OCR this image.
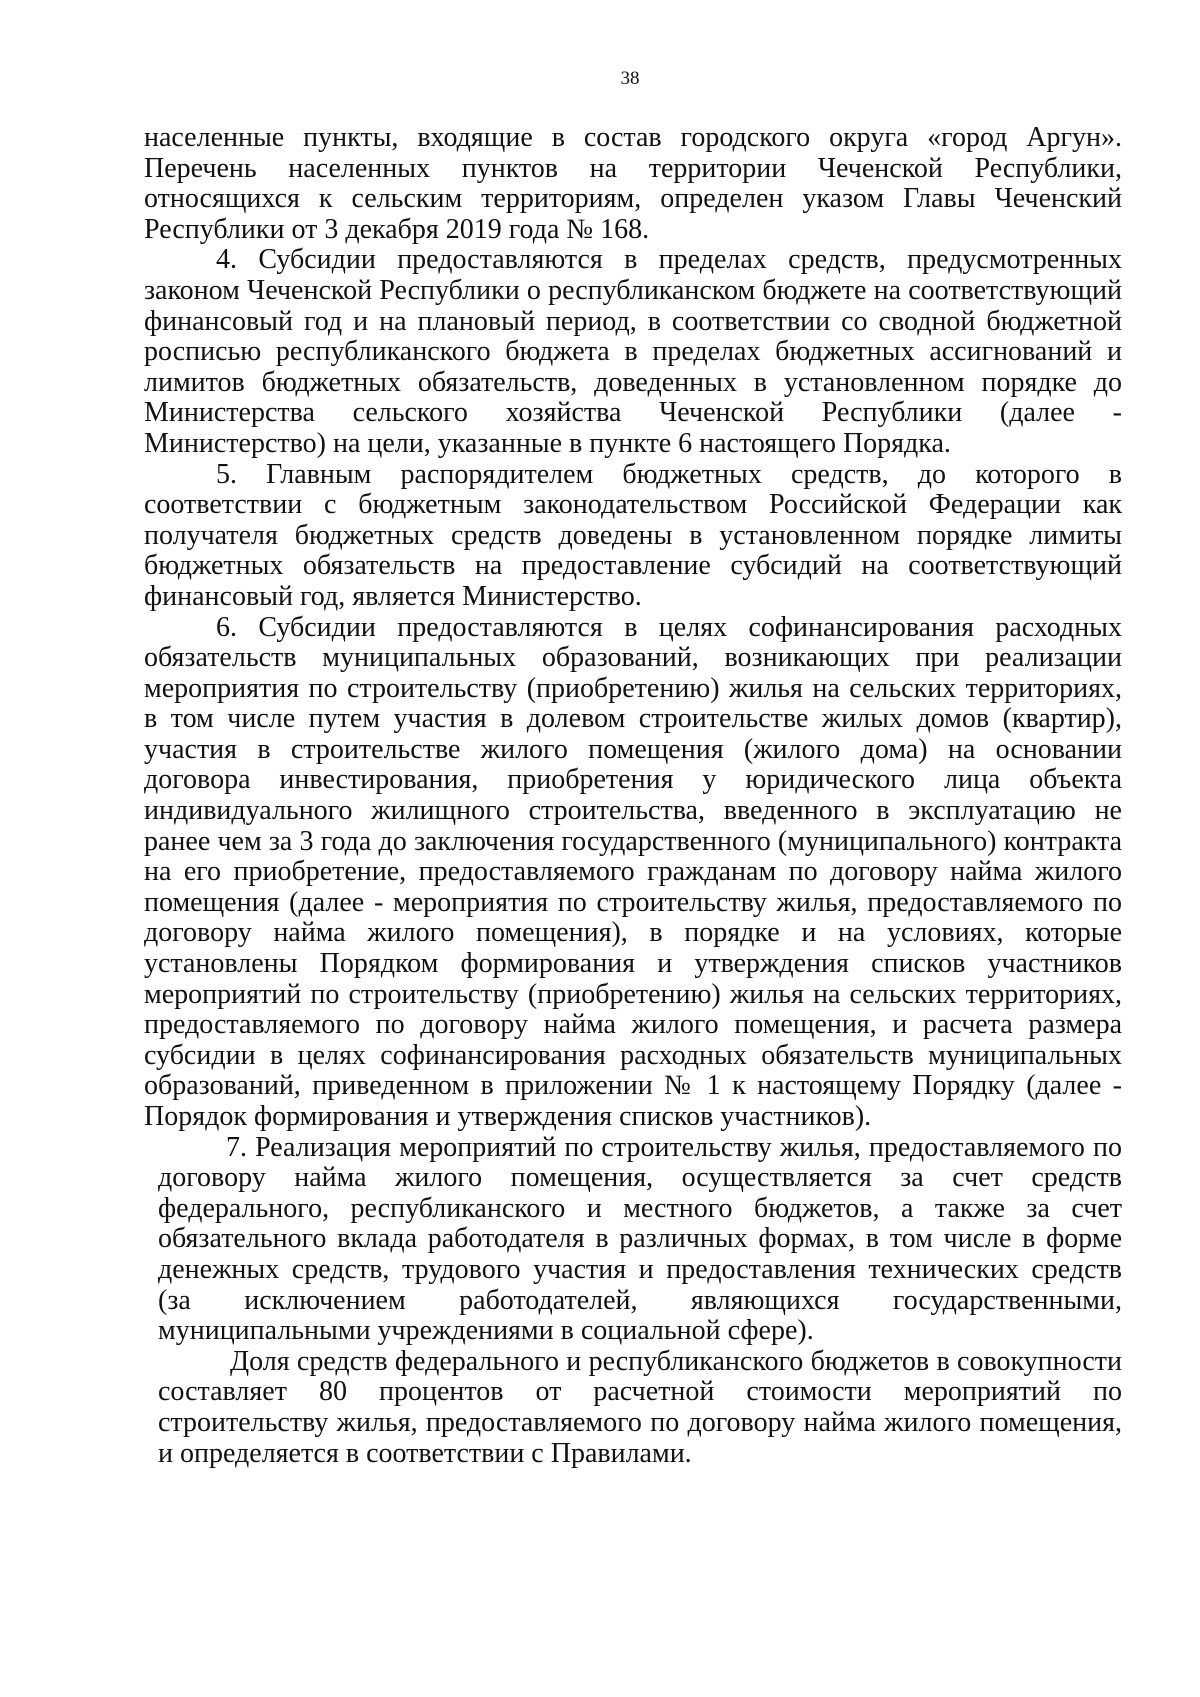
38

населенные пункты, входящие в состав городского округа «город Аргун». Перечень населенных пунктов на территории Чеченской Республики, относящихся к сельским территориям, определен указом Главы Чеченский Республики от 3 декабря 2019 года № 168.

4. Субсидии предоставляются в пределах средств, предусмотренных законом Чеченской Республики о республиканском бюджете на соответствующий финансовый год и на плановый период, в соответствии со сводной бюджетной росписью республиканского бюджета в пределах бюджетных ассигнований и лимитов бюджетных обязательств, доведенных в установленном порядке до Министерства сельского хозяйства Чеченской Республики (далее - Министерство) на цели, указанные в пункте 6 настоящего Порядка.

5. Главным распорядителем бюджетных средств, до которого в соответствии с бюджетным законодательством Российской Федерации как получателя бюджетных средств доведены в установленном порядке лимиты бюджетных обязательств на предоставление субсидий на соответствующий финансовый год, является Министерство.

6. Субсидии предоставляются в целях софинансирования расходных обязательств муниципальных образований, возникающих при реализации мероприятия по строительству (приобретению) жилья на сельских территориях, в том числе путем участия в долевом строительстве жилых домов (квартир), участия в строительстве жилого помещения (жилого дома) на основании договора инвестирования, приобретения у юридического лица объекта индивидуального жилищного строительства, введенного в эксплуатацию не ранее чем за 3 года до заключения государственного (муниципального) контракта на его приобретение, предоставляемого гражданам по договору найма жилого помещения (далее - мероприятия по строительству жилья, предоставляемого по договору найма жилого помещения), в порядке и на условиях, которые установлены Порядком формирования и утверждения списков участников мероприятий по строительству (приобретению) жилья на сельских территориях, предоставляемого по договору найма жилого помещения, и расчета размера субсидии в целях софинансирования расходных обязательств муниципальных образований, приведенном в приложении № 1 к настоящему Порядку (далее - Порядок формирования и утверждения списков участников).

7. Реализация мероприятий по строительству жилья, предоставляемого по договору найма жилого помещения, осуществляется за счет средств федерального, республиканского и местного бюджетов, а также за счет обязательного вклада работодателя в различных формах, в том числе в форме денежных средств, трудового участия и предоставления технических средств (за исключением работодателей, являющихся государственными, муниципальными учреждениями в социальной сфере).

Доля средств федерального и республиканского бюджетов в совокупности составляет 80 процентов от расчетной стоимости мероприятий по строительству жилья, предоставляемого по договору найма жилого помещения, и определяется в соответствии с Правилами.
